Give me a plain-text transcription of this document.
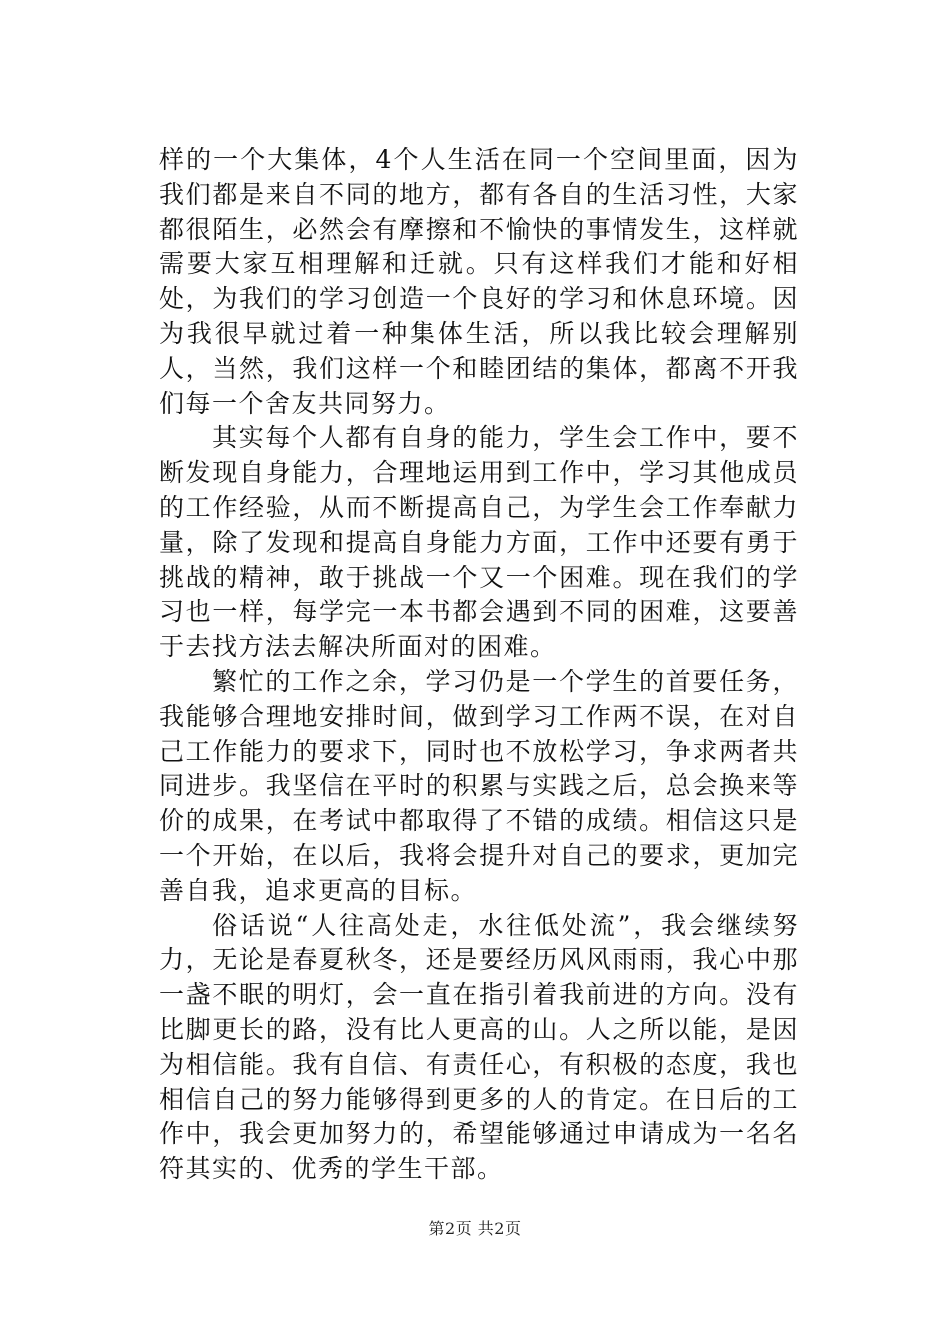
样的一个大集体，4个人生活在同一个空间里面，因为我们都是来自不同的地方，都有各自的生活习性，大家都很陌生，必然会有摩擦和不愉快的事情发生，这样就需要大家互相理解和迁就。只有这样我们才能和好相处，为我们的学习创造一个良好的学习和休息环境。因为我很早就过着一种集体生活，所以我比较会理解别人，当然，我们这样一个和睦团结的集体，都离不开我们每一个舍友共同努力。

其实每个人都有自身的能力，学生会工作中，要不断发现自身能力，合理地运用到工作中，学习其他成员的工作经验，从而不断提高自己，为学生会工作奉献力量，除了发现和提高自身能力方面，工作中还要有勇于挑战的精神，敢于挑战一个又一个困难。现在我们的学习也一样，每学完一本书都会遇到不同的困难，这要善于去找方法去解决所面对的困难。

繁忙的工作之余，学习仍是一个学生的首要任务，我能够合理地安排时间，做到学习工作两不误，在对自己工作能力的要求下，同时也不放松学习，争求两者共同进步。我坚信在平时的积累与实践之后，总会换来等价的成果，在考试中都取得了不错的成绩。相信这只是一个开始，在以后，我将会提升对自己的要求，更加完善自我，追求更高的目标。

俗话说“人往高处走，水往低处流”，我会继续努力，无论是春夏秋冬，还是要经历风风雨雨，我心中那一盏不眠的明灯，会一直在指引着我前进的方向。没有比脚更长的路，没有比人更高的山。人之所以能，是因为相信能。我有自信、有责任心，有积极的态度，我也相信自己的努力能够得到更多的人的肯定。在日后的工作中，我会更加努力的，希望能够通过申请成为一名名符其实的、优秀的学生干部。

第2页 共2页
